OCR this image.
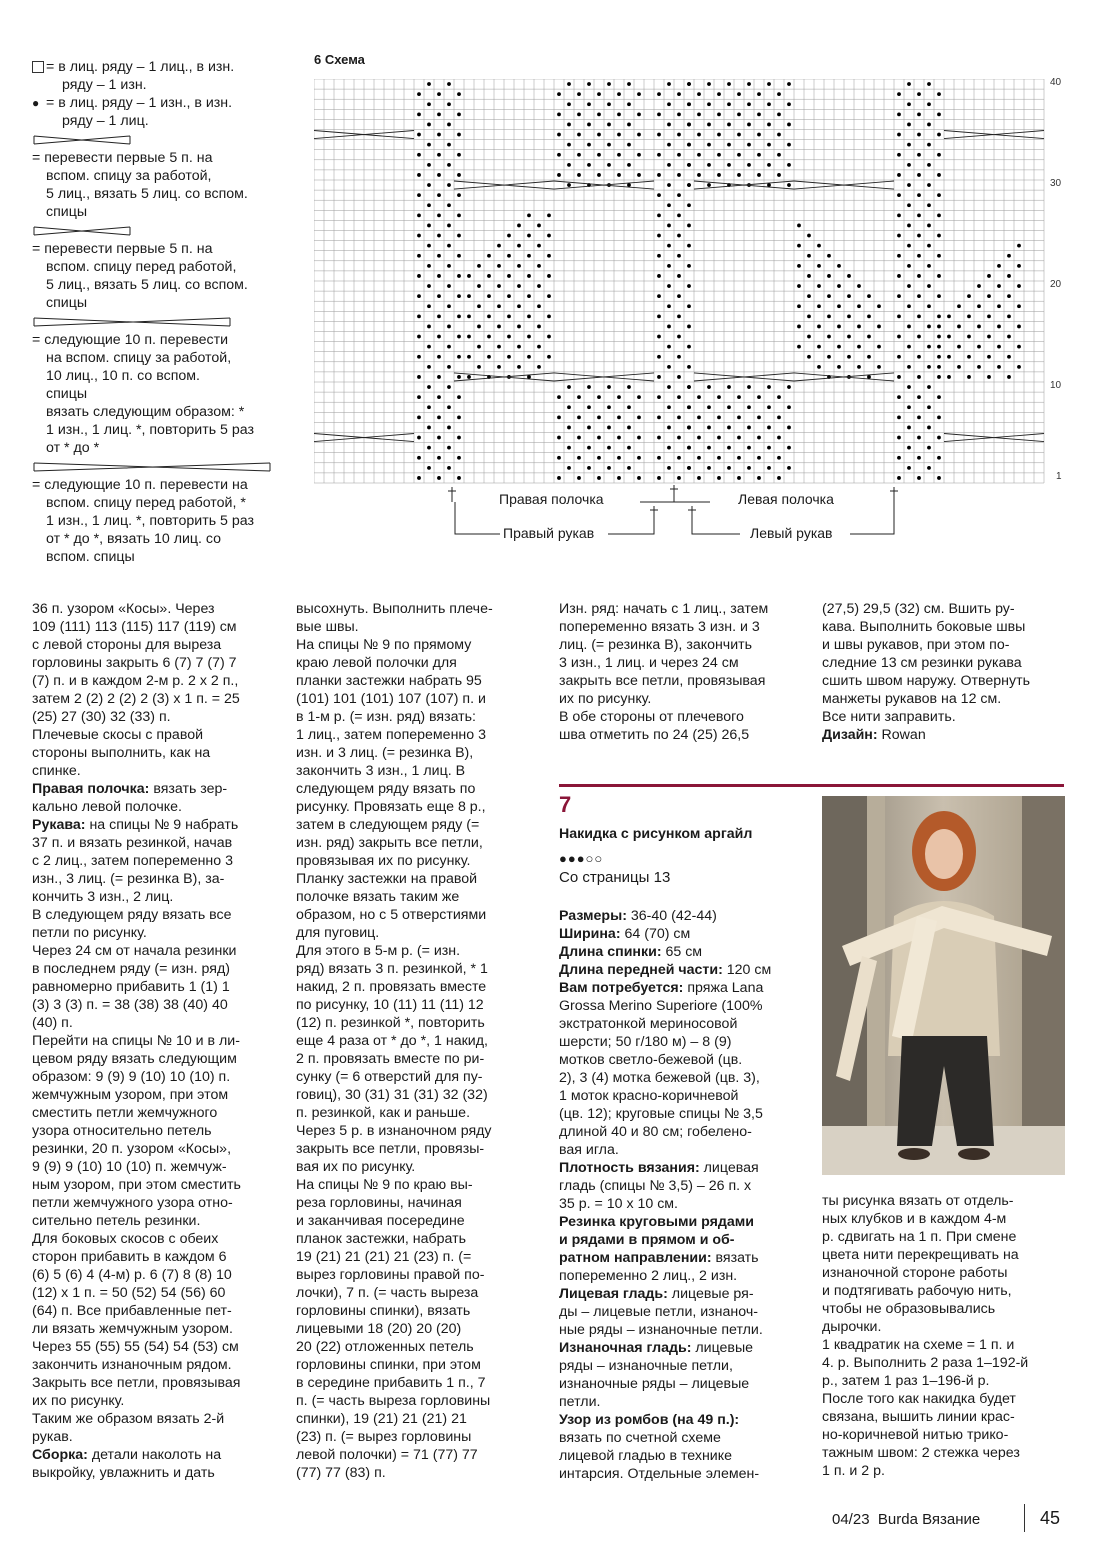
= в лиц. ряду – 1 лиц., в изн.
ряду – 1 изн.
● = в лиц. ряду – 1 изн., в изн.
ряду – 1 лиц.
= перевести первые 5 п. на
вспом. спицу за работой,
5 лиц., вязать 5 лиц. со вспом.
спицы
= перевести первые 5 п. на
вспом. спицу перед работой,
5 лиц., вязать 5 лиц. со вспом.
спицы
= следующие 10 п. перевести
на вспом. спицу за работой,
10 лиц., 10 п. со вспом.
спицы
вязать следующим образом: *
1 изн., 1 лиц. *, повторить 5 раз
от * до *
= следующие 10 п. перевести на
вспом. спицу перед работой, *
1 изн., 1 лиц. *, повторить 5 раз
от * до *, вязать 10 лиц. со
вспом. спицы
6 Схема
40
30
20
10
1
Правая полочка	Левая полочка
Правый рукав	Левый рукав

36 п. узором «Косы». Через

109 (111) 113 (115) 117 (119) см

с левой стороны для выреза

горловины закрыть 6 (7) 7 (7) 7

(7) п. и в каждом 2-м р. 2 х 2 п.,

затем 2 (2) 2 (2) 2 (3) х 1 п. = 25

(25) 27 (30) 32 (33) п.

Плечевые скосы с правой

стороны выполнить, как на

спинке.

Правая полочка: вязать зер-

кально левой полочке.

Рукава: на спицы № 9 набрать

37 п. и вязать резинкой, начав

с 2 лиц., затем попеременно 3

изн., 3 лиц. (= резинка В), за-

кончить 3 изн., 2 лиц.

В следующем ряду вязать все

петли по рисунку.

Через 24 см от начала резинки

в последнем ряду (= изн. ряд)

равномерно прибавить 1 (1) 1

(3) 3 (3) п. = 38 (38) 38 (40) 40

(40) п.

Перейти на спицы № 10 и в ли-

цевом ряду вязать следующим

образом: 9 (9) 9 (10) 10 (10) п.

жемчужным узором, при этом

сместить петли жемчужного

узора относительно петель

резинки, 20 п. узором «Косы»,

9 (9) 9 (10) 10 (10) п. жемчуж-

ным узором, при этом сместить

петли жемчужного узора отно-

сительно петель резинки.

Для боковых скосов с обеих

сторон прибавить в каждом 6

(6) 5 (6) 4 (4-м) р. 6 (7) 8 (8) 10

(12) х 1 п. = 50 (52) 54 (56) 60

(64) п. Все прибавленные пет-

ли вязать жемчужным узором.

Через 55 (55) 55 (54) 54 (53) см

закончить изнаночным рядом.

Закрыть все петли, провязывая

их по рисунку.

Таким же образом вязать 2-й

рукав.

Сборка: детали наколоть на

выкройку, увлажнить и дать

высохнуть. Выполнить плече-

вые швы.

На спицы № 9 по прямому

краю левой полочки для

планки застежки набрать 95

(101) 101 (101) 107 (107) п. и

в 1-м р. (= изн. ряд) вязать:

1 лиц., затем попеременно 3

изн. и 3 лиц. (= резинка В),

закончить 3 изн., 1 лиц. В

следующем ряду вязать по

рисунку. Провязать еще 8 р.,

затем в следующем ряду (=

изн. ряд) закрыть все петли,

провязывая их по рисунку.

Планку застежки на правой

полочке вязать таким же

образом, но с 5 отверстиями

для пуговиц.

Для этого в 5-м р. (= изн.

ряд) вязать 3 п. резинкой, * 1

накид, 2 п. провязать вместе

по рисунку, 10 (11) 11 (11) 12

(12) п. резинкой *, повторить

еще 4 раза от * до *, 1 накид,

2 п. провязать вместе по ри-

сунку (= 6 отверстий для пу-

говиц), 30 (31) 31 (31) 32 (32)

п. резинкой, как и раньше.

Через 5 р. в изнаночном ряду

закрыть все петли, провязы-

вая их по рисунку.

На спицы № 9 по краю вы-

реза горловины, начиная

и заканчивая посередине

планок застежки, набрать

19 (21) 21 (21) 21 (23) п. (=

вырез горловины правой по-

лочки), 7 п. (= часть выреза

горловины спинки), вязать

лицевыми 18 (20) 20 (20)

20 (22) отложенных петель

горловины спинки, при этом

в середине прибавить 1 п., 7

п. (= часть выреза горловины

спинки), 19 (21) 21 (21) 21

(23) п. (= вырез горловины

левой полочки) = 71 (77) 77

(77) 77 (83) п.

Изн. ряд: начать с 1 лиц., затем

попеременно вязать 3 изн. и 3

лиц. (= резинка В), закончить

3 изн., 1 лиц. и через 24 см

закрыть все петли, провязывая

их по рисунку.

В обе стороны от плечевого

шва отметить по 24 (25) 26,5

(27,5) 29,5 (32) см. Вшить ру-

кава. Выполнить боковые швы

и швы рукавов, при этом по-

следние 13 см резинки рукава

сшить швом наружу. Отвернуть

манжеты рукавов на 12 см.

Все нити заправить.

Дизайн: Rowan

7
Накидка с рисунком аргайл
●●●○○
Со страницы 13

Размеры: 36-40 (42-44)

Ширина: 64 (70) см

Длина спинки: 65 см

Длина передней части: 120 см

Вам потребуется: пряжа Lana

Grossa Merino Superiore (100%

экстратонкой мериносовой

шерсти; 50 г/180 м) – 8 (9)

мотков светло-бежевой (цв.

2), 3 (4) мотка бежевой (цв. 3),

1 моток красно-коричневой

(цв. 12); круговые спицы № 3,5

длиной 40 и 80 см; гобелено-

вая игла.

Плотность вязания: лицевая

гладь (спицы № 3,5) – 26 п. х

35 р. = 10 х 10 см.

Резинка круговыми рядами

и рядами в прямом и об-

ратном направлении: вязать

попеременно 2 лиц., 2 изн.

Лицевая гладь: лицевые ря-

ды – лицевые петли, изнаноч-

ные ряды – изнаночные петли.

Изнаночная гладь: лицевые

ряды – изнаночные петли,

изнаночные ряды – лицевые

петли.

Узор из ромбов (на 49 п.):

вязать по счетной схеме

лицевой гладью в технике

интарсия. Отдельные элемен-

ты рисунка вязать от отдель-

ных клубков и в каждом 4-м

р. сдвигать на 1 п. При смене

цвета нити перекрещивать на

изнаночной стороне работы

и подтягивать рабочую нить,

чтобы не образовывались

дырочки.

1 квадратик на схеме = 1 п. и

4. р. Выполнить 2 раза 1–192-й

р., затем 1 раз 1–196-й р.

После того как накидка будет

связана, вышить линии крас-

но-коричневой нитью трико-

тажным швом: 2 стежка через

1 п. и 2 р.

04/23 Burda Вязание	45
